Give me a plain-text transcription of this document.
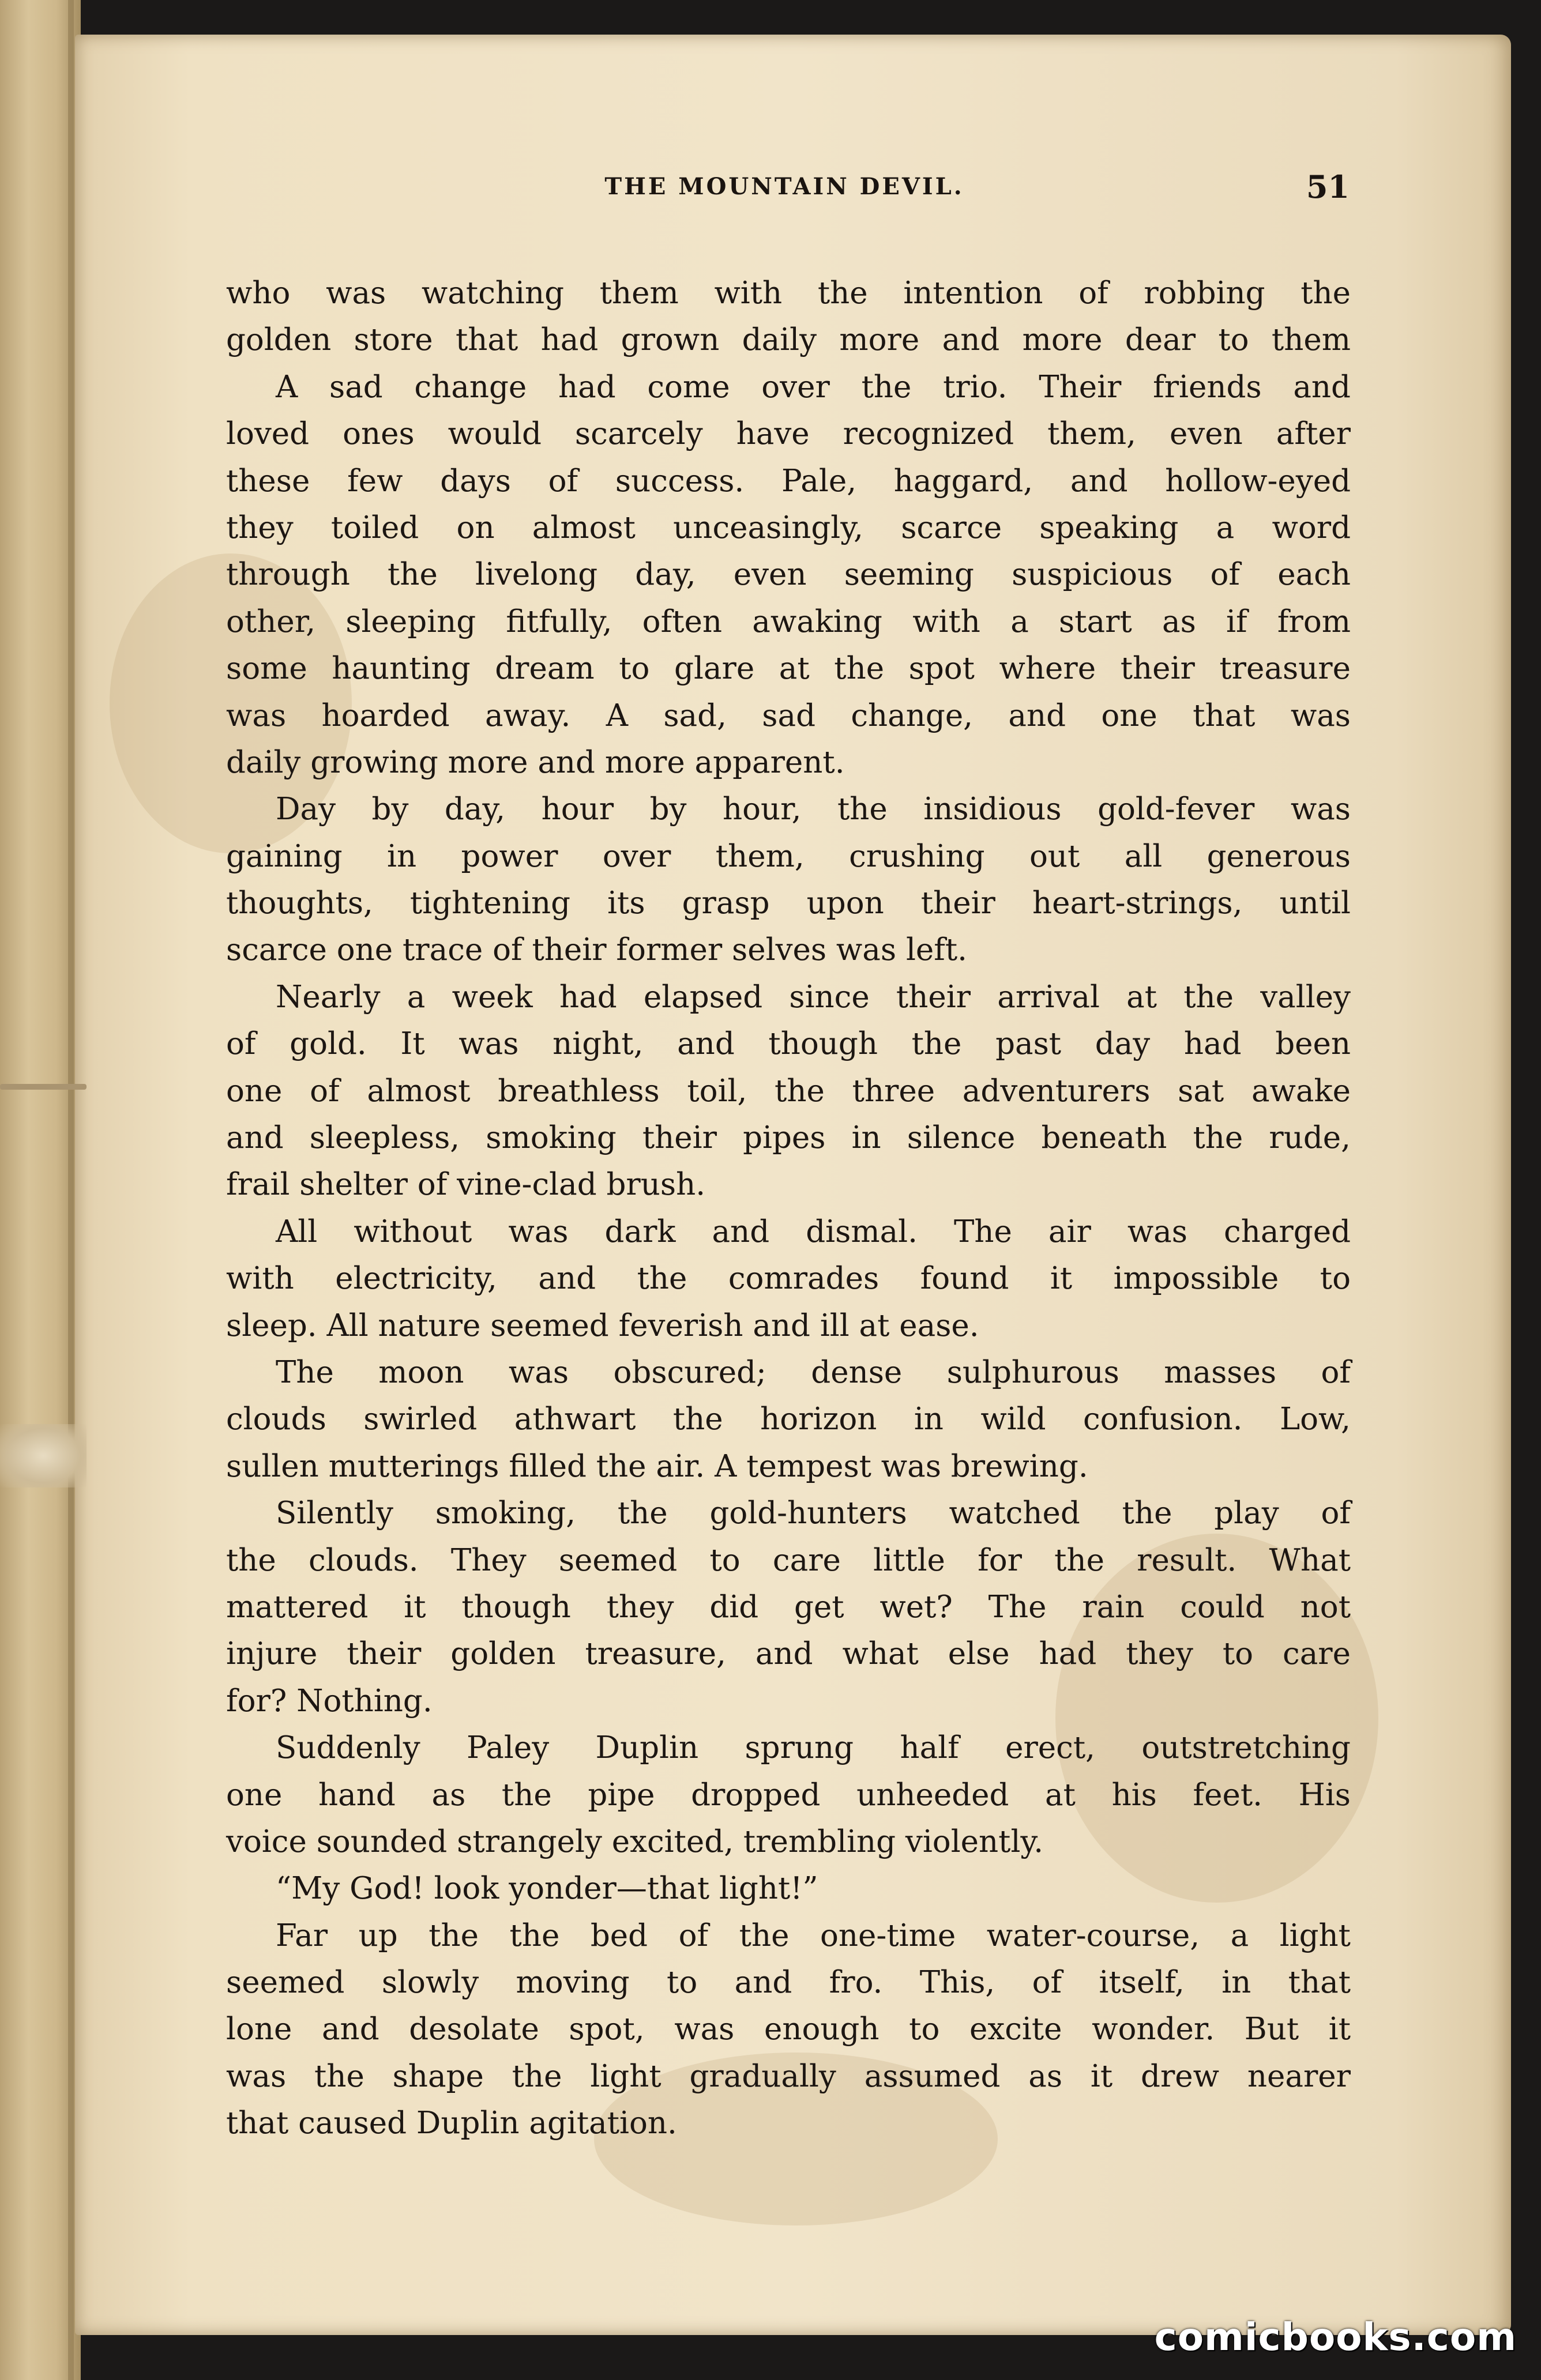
THE MOUNTAIN DEVIL.	51
who was watching them with the intention of robbing the
golden store that had grown daily more and more dear to them
A sad change had come over the trio. Their friends and
loved ones would scarcely have recognized them, even after
these few days of success. Pale, haggard, and hollow-eyed
they toiled on almost unceasingly, scarce speaking a word
through the livelong day, even seeming suspicious of each
other, sleeping fitfully, often awaking with a start as if from
some haunting dream to glare at the spot where their treasure
was hoarded away. A sad, sad change, and one that was
daily growing more and more apparent.
Day by day, hour by hour, the insidious gold-fever was
gaining in power over them, crushing out all generous
thoughts, tightening its grasp upon their heart-strings, until
scarce one trace of their former selves was left.
Nearly a week had elapsed since their arrival at the valley
of gold. It was night, and though the past day had been
one of almost breathless toil, the three adventurers sat awake
and sleepless, smoking their pipes in silence beneath the rude,
frail shelter of vine-clad brush.
All without was dark and dismal. The air was charged
with electricity, and the comrades found it impossible to
sleep. All nature seemed feverish and ill at ease.
The moon was obscured; dense sulphurous masses of
clouds swirled athwart the horizon in wild confusion. Low,
sullen mutterings filled the air. A tempest was brewing.
Silently smoking, the gold-hunters watched the play of
the clouds. They seemed to care little for the result. What
mattered it though they did get wet? The rain could not
injure their golden treasure, and what else had they to care
for? Nothing.
Suddenly Paley Duplin sprung half erect, outstretching
one hand as the pipe dropped unheeded at his feet. His
voice sounded strangely excited, trembling violently.
“My God! look yonder—that light!”
Far up the the bed of the one-time water-course, a light
seemed slowly moving to and fro. This, of itself, in that
lone and desolate spot, was enough to excite wonder. But it
was the shape the light gradually assumed as it drew nearer
that caused Duplin agitation.
comicbooks.com
